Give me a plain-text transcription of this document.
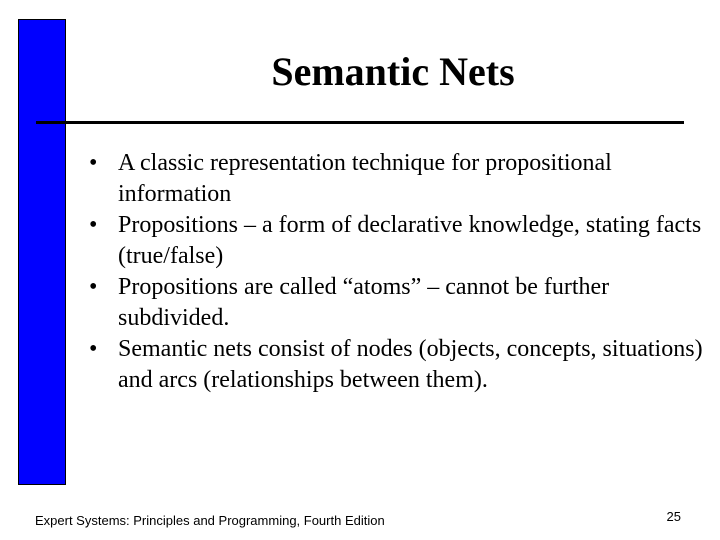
Semantic Nets
• A classic representation technique for propositional information
• Propositions – a form of declarative knowledge, stating facts (true/false)
• Propositions are called “atoms” – cannot be further subdivided.
• Semantic nets consist of nodes (objects, concepts, situations) and arcs (relationships between them).
Expert Systems: Principles and Programming, Fourth Edition	25
